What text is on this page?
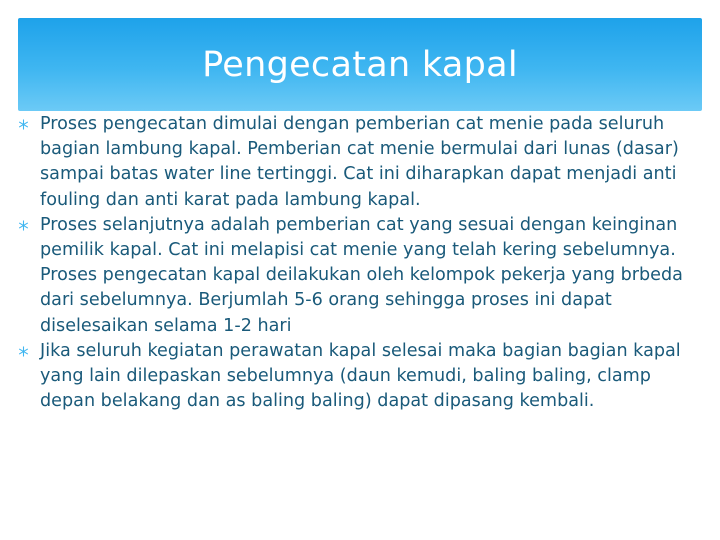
Pengecatan kapal
Proses pengecatan dimulai dengan pemberian cat menie pada seluruh bagian lambung kapal. Pemberian cat menie bermulai dari lunas (dasar) sampai batas water line tertinggi. Cat ini diharapkan dapat menjadi anti fouling dan anti karat pada lambung kapal.
Proses selanjutnya adalah pemberian cat yang sesuai dengan keinginan pemilik kapal. Cat ini melapisi cat menie yang telah kering sebelumnya. Proses pengecatan kapal deilakukan oleh kelompok pekerja yang brbeda dari sebelumnya. Berjumlah 5-6 orang sehingga proses ini dapat diselesaikan selama 1-2 hari
Jika seluruh kegiatan perawatan kapal selesai maka bagian bagian kapal yang lain dilepaskan sebelumnya (daun kemudi, baling baling, clamp depan belakang dan as baling baling) dapat dipasang kembali.
